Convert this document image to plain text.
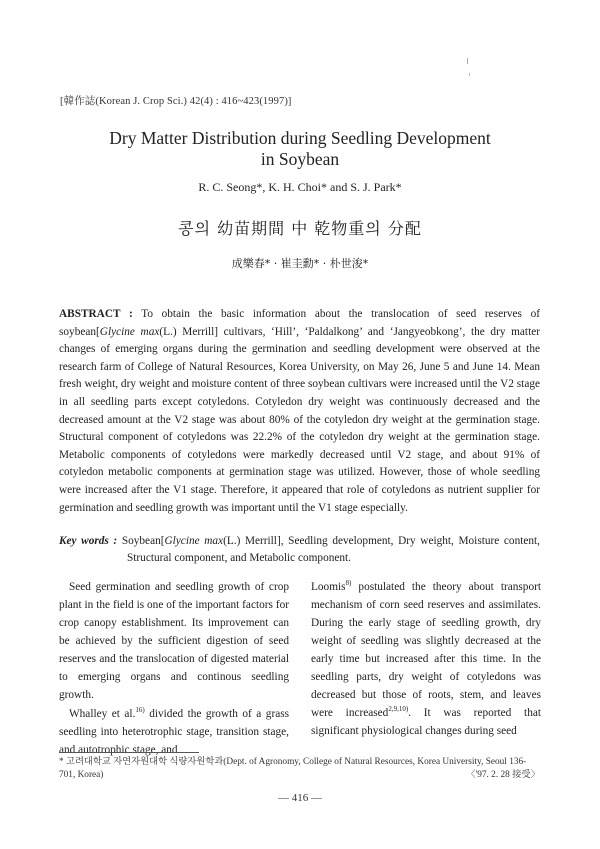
[韓作誌(Korean J. Crop Sci.) 42(4) : 416~423(1997)]
Dry Matter Distribution during Seedling Development
in Soybean
R. C. Seong*, K. H. Choi* and S. J. Park*
콩의 幼苗期間 中 乾物重의 分配
成樂春* · 崔圭勳* · 朴世浚*
ABSTRACT : To obtain the basic information about the translocation of seed reserves of soybean[Glycine max(L.) Merrill] cultivars, ‘Hill’, ‘Paldalkong’ and ‘Jangyeobkong’, the dry matter changes of emerging organs during the germination and seedling development were observed at the research farm of College of Natural Resources, Korea University, on May 26, June 5 and June 14. Mean fresh weight, dry weight and moisture content of three soybean cultivars were increased until the V2 stage in all seedling parts except cotyledons. Cotyledon dry weight was continuously decreased and the decreased amount at the V2 stage was about 80% of the cotyledon dry weight at the germination stage. Structural component of cotyledons was 22.2% of the cotyledon dry weight at the germination stage. Metabolic components of cotyledons were markedly decreased until V2 stage, and about 91% of cotyledon metabolic components at germination stage was utilized. However, those of whole seedling were increased after the V1 stage. Therefore, it appeared that role of cotyledons as nutrient supplier for germination and seedling growth was important until the V1 stage especially.
Key words : Soybean[Glycine max(L.) Merrill], Seedling development, Dry weight, Moisture content, Structural component, and Metabolic component.

Seed germination and seedling growth of crop plant in the field is one of the important factors for crop canopy establishment. Its improvement can be achieved by the sufficient digestion of seed reserves and the translocation of digested material to emerging organs and continous seedling growth.

Whalley et al.$^{16)}$ divided the growth of a grass seedling into heterotrophic stage, transition stage, and autotrophic stage, and

Loomis$^{8)}$ postulated the theory about transport mechanism of corn seed reserves and assimilates. During the early stage of seedling growth, dry weight of seedling was slightly decreased at the early time but increased after this time. In the seedling parts, dry weight of cotyledons was decreased but those of roots, stem, and leaves were increased$^{2,9,10)}$. It was reported that significant physiological changes during seed

* 고려대학교 자연자원대학 식량자원학과(Dept. of Agronomy, College of Natural Resources, Korea University, Seoul 136-701, Korea)	〈'97. 2. 28 接受〉
— 416 —
